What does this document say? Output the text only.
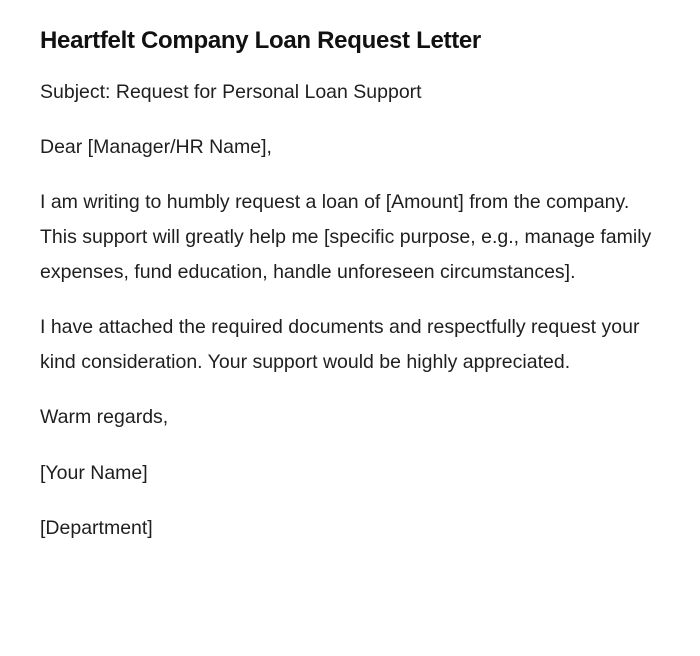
Heartfelt Company Loan Request Letter

Subject: Request for Personal Loan Support

Dear [Manager/HR Name],

I am writing to humbly request a loan of [Amount] from the company. This support will greatly help me [specific purpose, e.g., manage family expenses, fund education, handle unforeseen circumstances].

I have attached the required documents and respectfully request your kind consideration. Your support would be highly appreciated.

Warm regards,

[Your Name]

[Department]
